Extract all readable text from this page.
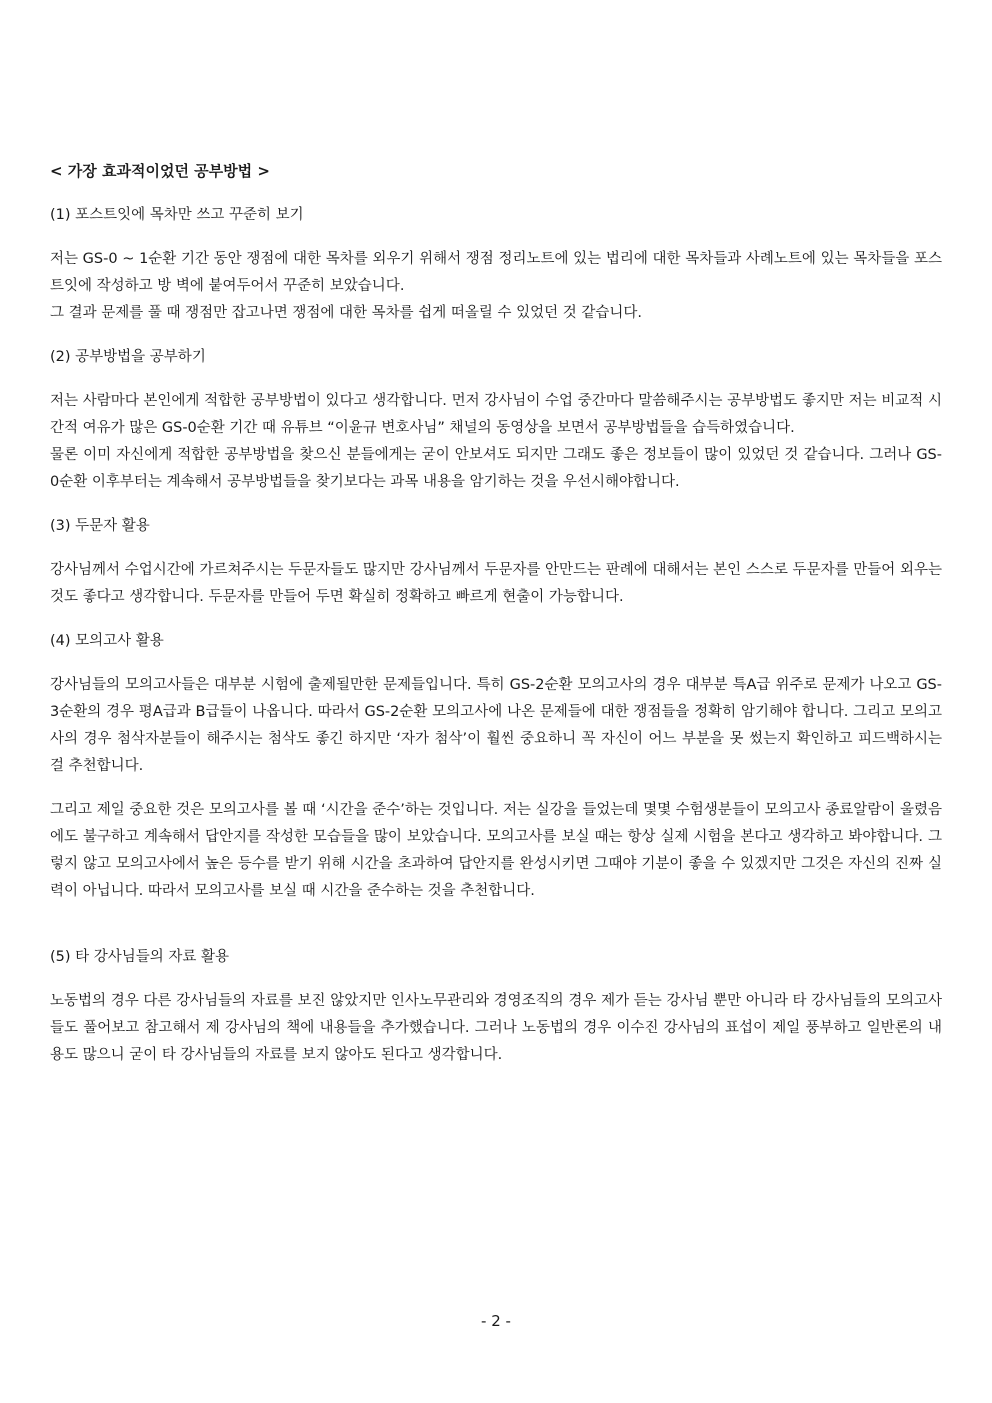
< 가장 효과적이었던 공부방법 >
(1) 포스트잇에 목차만 쓰고 꾸준히 보기
저는 GS-0 ~ 1순환 기간 동안 쟁점에 대한 목차를 외우기 위해서 쟁점 정리노트에 있는 법리에 대한 목차들과 사례노트에 있는 목차들을 포스트잇에 작성하고 방 벽에 붙여두어서 꾸준히 보았습니다.
그 결과 문제를 풀 때 쟁점만 잡고나면 쟁점에 대한 목차를 쉽게 떠올릴 수 있었던 것 같습니다.
(2) 공부방법을 공부하기
저는 사람마다 본인에게 적합한 공부방법이 있다고 생각합니다. 먼저 강사님이 수업 중간마다 말씀해주시는 공부방법도 좋지만 저는 비교적 시간적 여유가 많은 GS-0순환 기간 때 유튜브 “이윤규 변호사님” 채널의 동영상을 보면서 공부방법들을 습득하였습니다.
물론 이미 자신에게 적합한 공부방법을 찾으신 분들에게는 굳이 안보셔도 되지만 그래도 좋은 정보들이 많이 있었던 것 같습니다. 그러나 GS-0순환 이후부터는 계속해서 공부방법들을 찾기보다는 과목 내용을 암기하는 것을 우선시해야합니다.
(3) 두문자 활용
강사님께서 수업시간에 가르쳐주시는 두문자들도 많지만 강사님께서 두문자를 안만드는 판례에 대해서는 본인 스스로 두문자를 만들어 외우는 것도 좋다고 생각합니다. 두문자를 만들어 두면 확실히 정확하고 빠르게 현출이 가능합니다.
(4) 모의고사 활용
강사님들의 모의고사들은 대부분 시험에 출제될만한 문제들입니다. 특히 GS-2순환 모의고사의 경우 대부분 특A급 위주로 문제가 나오고 GS-3순환의 경우 평A급과 B급들이 나옵니다. 따라서 GS-2순환 모의고사에 나온 문제들에 대한 쟁점들을 정확히 암기해야 합니다. 그리고 모의고사의 경우 첨삭자분들이 해주시는 첨삭도 좋긴 하지만 ‘자가 첨삭’이 훨씬 중요하니 꼭 자신이 어느 부분을 못 썼는지 확인하고 피드백하시는 걸 추천합니다.
그리고 제일 중요한 것은 모의고사를 볼 때 ‘시간을 준수’하는 것입니다. 저는 실강을 들었는데 몇몇 수험생분들이 모의고사 종료알람이 울렸음에도 불구하고 계속해서 답안지를 작성한 모습들을 많이 보았습니다. 모의고사를 보실 때는 항상 실제 시험을 본다고 생각하고 봐야합니다. 그렇지 않고 모의고사에서 높은 등수를 받기 위해 시간을 초과하여 답안지를 완성시키면 그때야 기분이 좋을 수 있겠지만 그것은 자신의 진짜 실력이 아닙니다. 따라서 모의고사를 보실 때 시간을 준수하는 것을 추천합니다.
(5) 타 강사님들의 자료 활용
노동법의 경우 다른 강사님들의 자료를 보진 않았지만 인사노무관리와 경영조직의 경우 제가 듣는 강사님 뿐만 아니라 타 강사님들의 모의고사들도 풀어보고 참고해서 제 강사님의 책에 내용들을 추가했습니다. 그러나 노동법의 경우 이수진 강사님의 표섭이 제일 풍부하고 일반론의 내용도 많으니 굳이 타 강사님들의 자료를 보지 않아도 된다고 생각합니다.
- 2 -
